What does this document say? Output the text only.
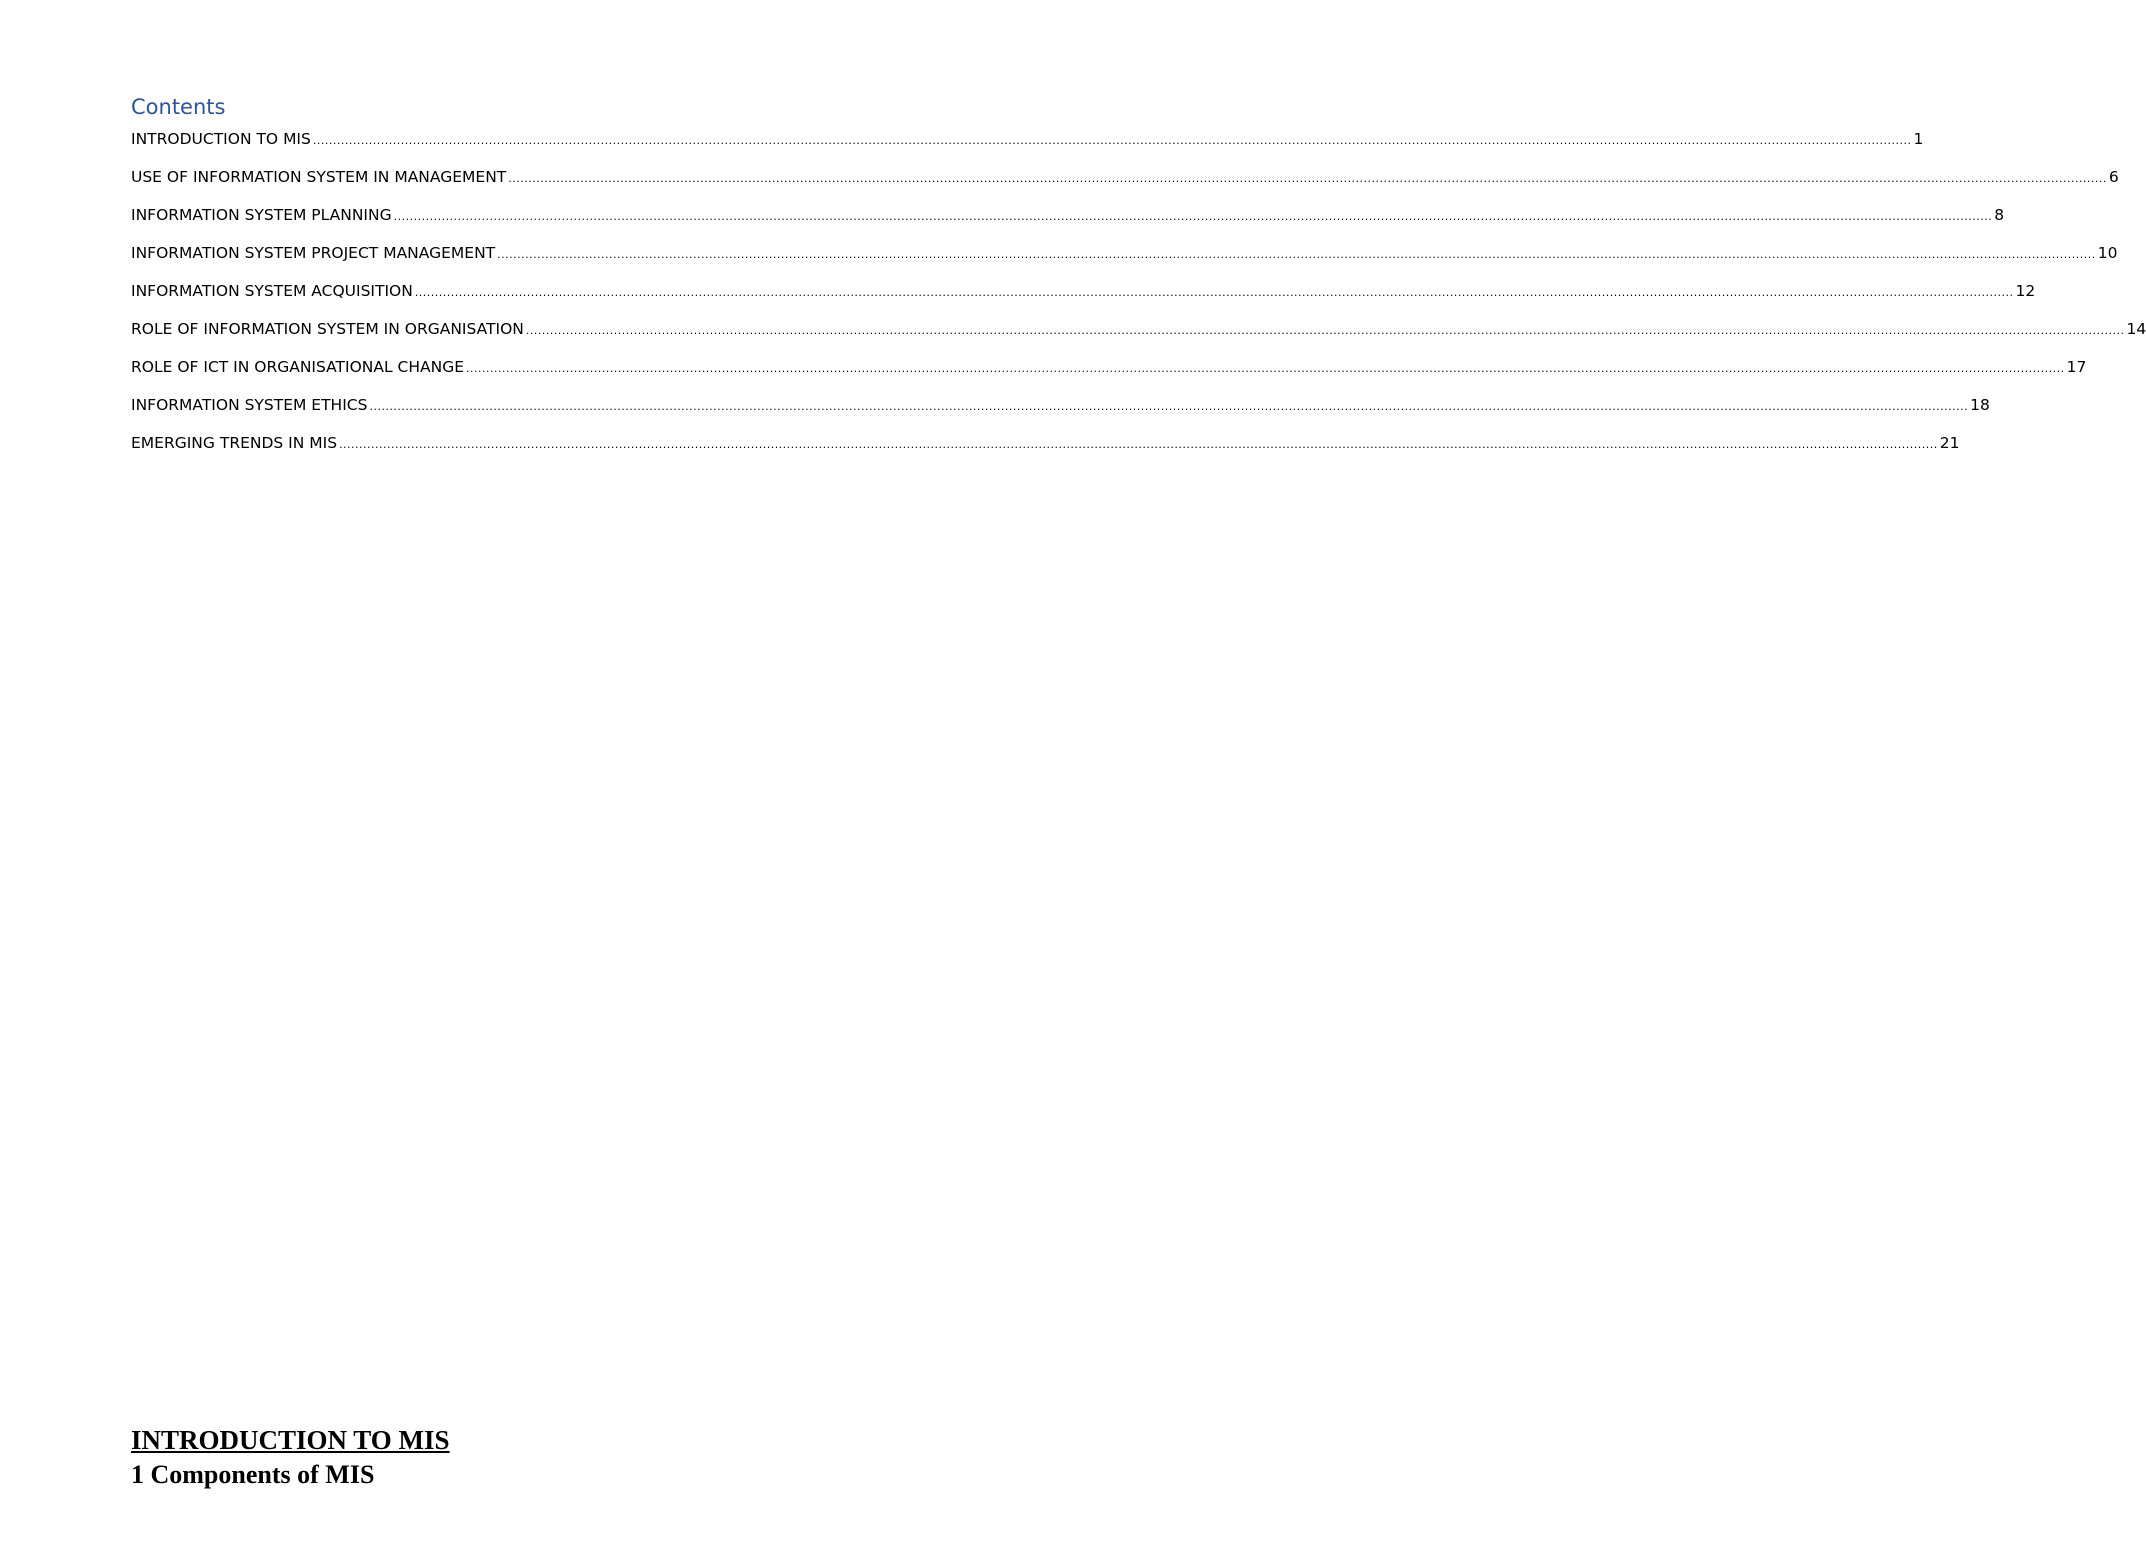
Contents
INTRODUCTION TO MIS ................................................................................................................................................................................................................................................................................................................................................................................................................ 1
USE OF INFORMATION SYSTEM IN MANAGEMENT ................................................................................................................................................................................................................................................................................................................................................................................................................ 6
INFORMATION SYSTEM PLANNING ................................................................................................................................................................................................................................................................................................................................................................................................................ 8
INFORMATION SYSTEM PROJECT MANAGEMENT ................................................................................................................................................................................................................................................................................................................................................................................................................ 10
INFORMATION SYSTEM ACQUISITION ................................................................................................................................................................................................................................................................................................................................................................................................................ 12
ROLE OF INFORMATION SYSTEM IN ORGANISATION ................................................................................................................................................................................................................................................................................................................................................................................................................ 14
ROLE OF ICT IN ORGANISATIONAL CHANGE ................................................................................................................................................................................................................................................................................................................................................................................................................ 17
INFORMATION SYSTEM ETHICS ................................................................................................................................................................................................................................................................................................................................................................................................................ 18
EMERGING TRENDS IN MIS ................................................................................................................................................................................................................................................................................................................................................................................................................ 21
INTRODUCTION TO MIS
1 Components of MIS
